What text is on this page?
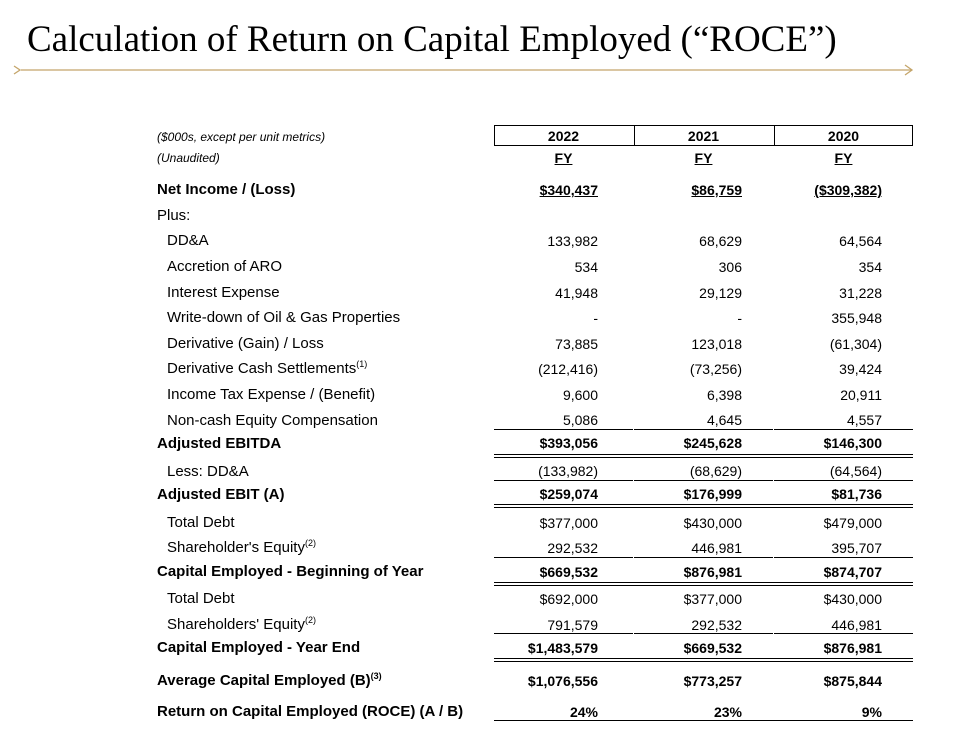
Calculation of Return on Capital Employed (“ROCE”)
($000s, except per unit metrics)
(Unaudited)
2022	2021	2020
FY	FY	FY
Net Income / (Loss)	$340,437	$86,759	($309,382)
Plus:
DD&A	133,982	68,629	64,564
Accretion of ARO	534	306	354
Interest Expense	41,948	29,129	31,228
Write-down of Oil & Gas Properties	-	-	355,948
Derivative (Gain) / Loss	73,885	123,018	(61,304)
Derivative Cash Settlements$^{(1)}$	(212,416)	(73,256)	39,424
Income Tax Expense / (Benefit)	9,600	6,398	20,911
Non-cash Equity Compensation	5,086	4,645	4,557
Adjusted EBITDA	$393,056	$245,628	$146,300
Less: DD&A	(133,982)	(68,629)	(64,564)
Adjusted EBIT (A)	$259,074	$176,999	$81,736
Total Debt	$377,000	$430,000	$479,000
Shareholder's Equity$^{(2)}$	292,532	446,981	395,707
Capital Employed - Beginning of Year	$669,532	$876,981	$874,707
Total Debt	$692,000	$377,000	$430,000
Shareholders' Equity$^{(2)}$	791,579	292,532	446,981
Capital Employed - Year End	$1,483,579	$669,532	$876,981
Average Capital Employed $(B)^{(3)}$	$1,076,556	$773,257	$875,844
Return on Capital Employed (ROCE) (A / B)	24%	23%	9%
